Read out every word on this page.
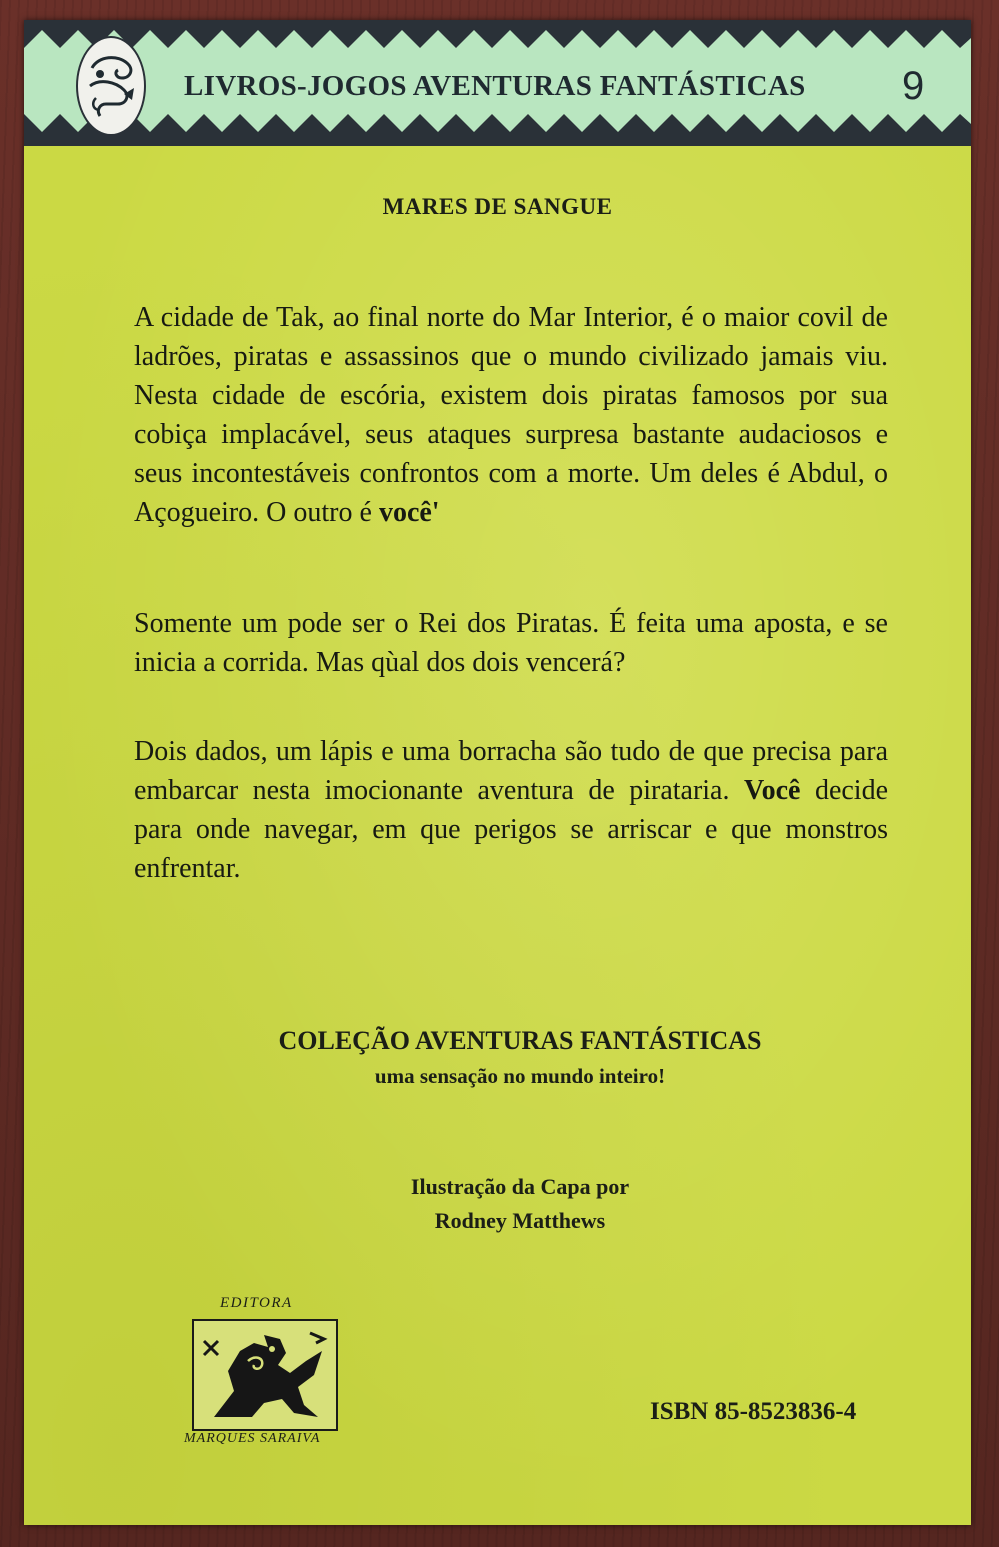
LIVROS-JOGOS AVENTURAS FANTÁSTICAS 9
MARES DE SANGUE
A cidade de Tak, ao final norte do Mar Interior, é o maior covil de ladrões, piratas e assassinos que o mundo civilizado jamais viu. Nesta cidade de escória, existem dois piratas famosos por sua cobiça implacável, seus ataques surpresa bastante audaciosos e seus incontestáveis confrontos com a morte. Um deles é Abdul, o Açogueiro. O outro é você'
Somente um pode ser o Rei dos Piratas. É feita uma aposta, e se inicia a corrida. Mas qùal dos dois vencerá?
Dois dados, um lápis e uma borracha são tudo de que precisa para embarcar nesta imocionante aventura de pirataria. Você decide para onde navegar, em que perigos se arriscar e que monstros enfrentar.
COLEÇÃO AVENTURAS FANTÁSTICAS
uma sensação no mundo inteiro!
Ilustração da Capa por
Rodney Matthews
EDITORA
MARQUES SARAIVA
ISBN 85-8523836-4
